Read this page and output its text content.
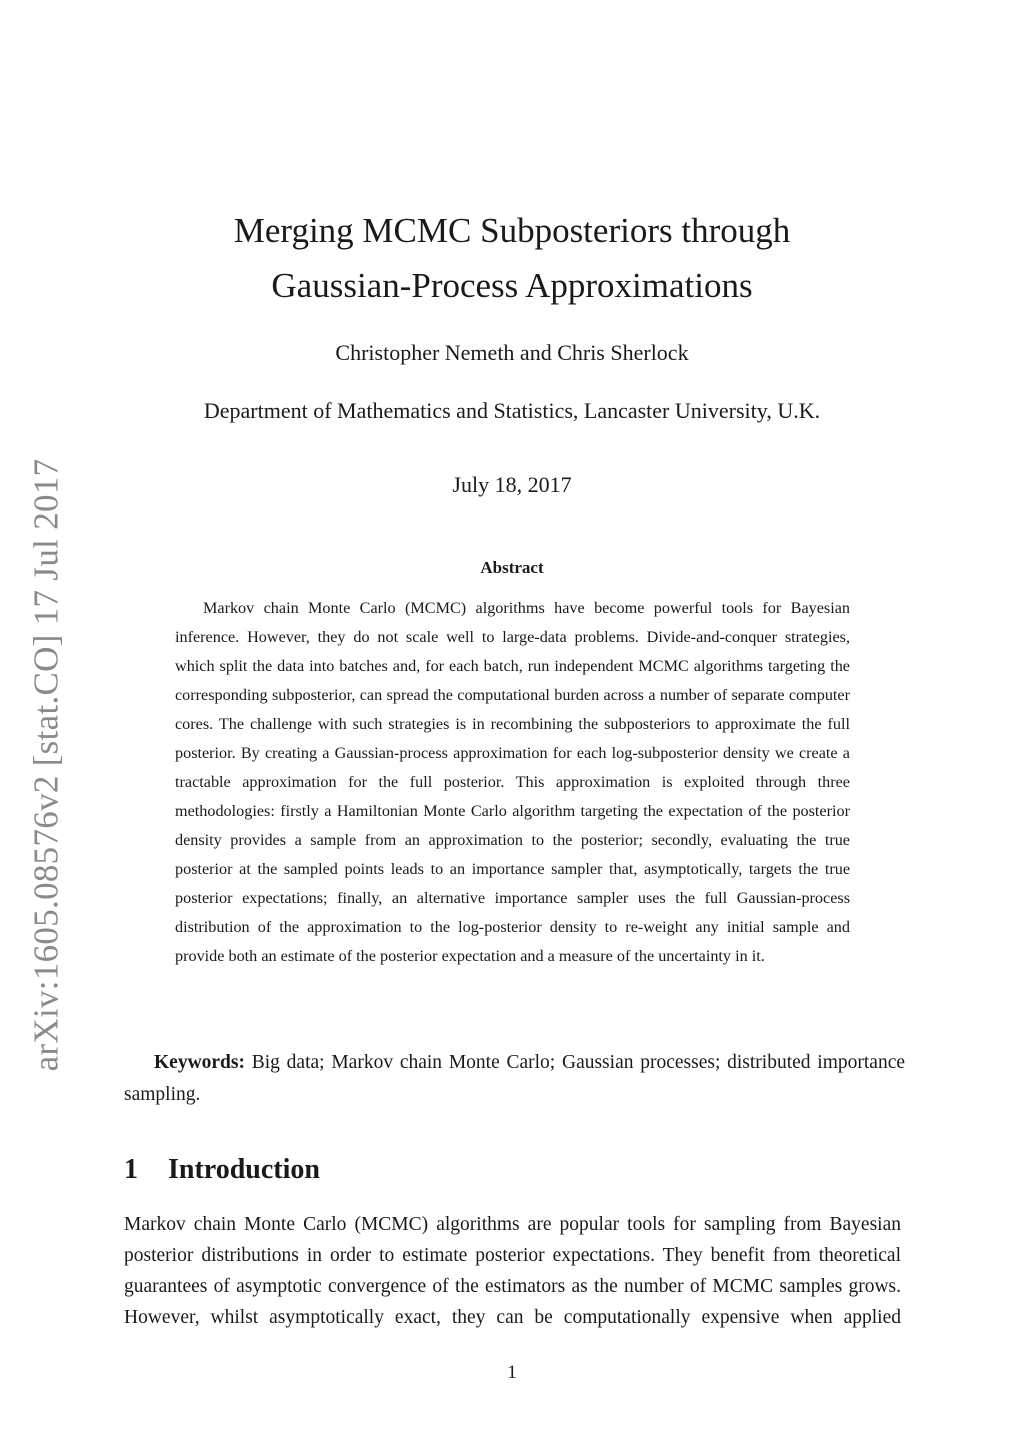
arXiv:1605.08576v2 [stat.CO] 17 Jul 2017
Merging MCMC Subposteriors through
Gaussian-Process Approximations
Christopher Nemeth and Chris Sherlock
Department of Mathematics and Statistics, Lancaster University, U.K.
July 18, 2017
Abstract

Markov chain Monte Carlo (MCMC) algorithms have become powerful tools for Bayesian inference. However, they do not scale well to large-data problems. Divide-and-conquer strategies, which split the data into batches and, for each batch, run independent MCMC algorithms targeting the corresponding subposterior, can spread the computational burden across a number of separate computer cores. The challenge with such strategies is in recombining the subposteriors to approximate the full posterior. By creating a Gaussian-process approximation for each log-subposterior density we create a tractable approximation for the full posterior. This approximation is exploited through three methodologies: firstly a Hamiltonian Monte Carlo algorithm targeting the expectation of the posterior density provides a sample from an approximation to the posterior; secondly, evaluating the true posterior at the sampled points leads to an importance sampler that, asymptotically, targets the true posterior expectations; finally, an alternative importance sampler uses the full Gaussian-process distribution of the approximation to the log-posterior density to re-weight any initial sample and provide both an estimate of the posterior expectation and a measure of the uncertainty in it.

Keywords: Big data; Markov chain Monte Carlo; Gaussian processes; distributed importance sampling.

1 Introduction

Markov chain Monte Carlo (MCMC) algorithms are popular tools for sampling from Bayesian posterior distributions in order to estimate posterior expectations. They benefit from theoretical guarantees of asymptotic convergence of the estimators as the number of MCMC samples grows. However, whilst asymptotically exact, they can be computationally expensive when applied

1
